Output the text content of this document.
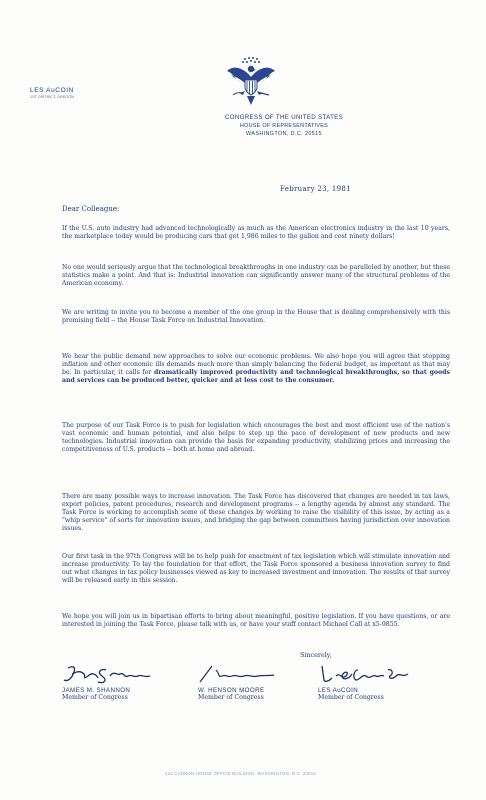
LES AuCOIN
1ST DISTRICT, OREGON
CONGRESS OF THE UNITED STATES
HOUSE OF REPRESENTATIVES
WASHINGTON, D.C. 20515
February 23, 1981
Dear Colleague:
If the U.S. auto industry had advanced technologically as much as the American electronics industry in the last 10 years, the marketplace today would be producing cars that get 1,986 miles to the gallon and cost ninety dollars!
No one would seriously argue that the technological breakthroughs in one industry can be paralleled by another, but these statistics make a point. And that is: Industrial innovation can significantly answer many of the structural problems of the American economy.
We are writing to invite you to become a member of the one group in the House that is dealing comprehensively with this promising field -- the House Task Force on Industrial Innovation.
We hear the public demand new approaches to solve our economic problems. We also hope you will agree that stopping inflation and other economic ills demands much more than simply balancing the federal budget, as important as that may be. In particular, it calls for dramatically improved productivity and technological breakthroughs, so that goods and services can be produced better, quicker and at less cost to the consumer.
The purpose of our Task Force is to push for legislation which encourages the best and most efficient use of the nation's vast economic and human potential, and also helps to step up the pace of development of new products and new technologies. Industrial innovation can provide the basis for expanding productivity, stabilizing prices and increasing the competitiveness of U.S. products -- both at home and abroad.
There are many possible ways to increase innovation. The Task Force has discovered that changes are needed in tax laws, export policies, patent procedures, research and development programs -- a lengthy agenda by almost any standard. The Task Force is working to accomplish some of these changes by working to raise the visibility of this issue, by acting as a "whip service" of sorts for innovation issues, and bridging the gap between committees having jurisdiction over innovation issues.
Our first task in the 97th Congress will be to help push for enactment of tax legislation which will stimulate innovation and increase productivity. To lay the foundation for that effort, the Task Force sponsored a business innovation survey to find out what changes in tax policy businesses viewed as key to increased investment and innovation. The results of that survey will be released early in this session.
We hope you will join us in bipartisan efforts to bring about meaningful, positive legislation. If you have questions, or are interested in joining the Task Force, please talk with us, or have your staff contact Michael Call at x5-9855.
Sincerely,
JAMES M. SHANNON
Member of Congress
W. HENSON MOORE
Member of Congress
LES AuCOIN
Member of Congress
231 CANNON HOUSE OFFICE BUILDING, WASHINGTON, D.C. 20515
